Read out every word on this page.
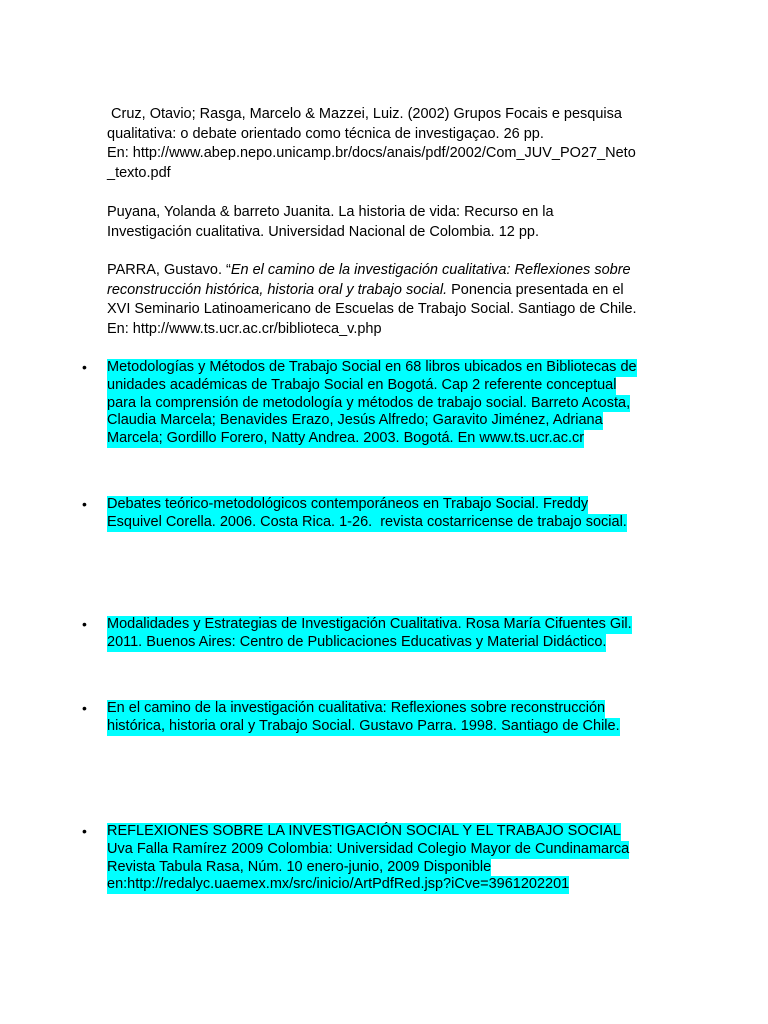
Cruz, Otavio; Rasga, Marcelo & Mazzei, Luiz. (2002) Grupos Focais e pesquisa
qualitativa: o debate orientado como técnica de investigaçao. 26 pp.
En: http://www.abep.nepo.unicamp.br/docs/anais/pdf/2002/Com_JUV_PO27_Neto
_texto.pdf

Puyana, Yolanda & barreto Juanita. La historia de vida: Recurso en la
Investigación cualitativa. Universidad Nacional de Colombia. 12 pp.

PARRA, Gustavo. “En el camino de la investigación cualitativa: Reflexiones sobre
reconstrucción histórica, historia oral y trabajo social. Ponencia presentada en el
XVI Seminario Latinoamericano de Escuelas de Trabajo Social. Santiago de Chile.
En: http://www.ts.ucr.ac.cr/biblioteca_v.php

• Metodologías y Métodos de Trabajo Social en 68 libros ubicados en Bibliotecas de
unidades académicas de Trabajo Social en Bogotá. Cap 2 referente conceptual
para la comprensión de metodología y métodos de trabajo social. Barreto Acosta,
Claudia Marcela; Benavides Erazo, Jesús Alfredo; Garavito Jiménez, Adriana
Marcela; Gordillo Forero, Natty Andrea. 2003. Bogotá. En www.ts.ucr.ac.cr
• Debates teórico-metodológicos contemporáneos en Trabajo Social. Freddy
Esquivel Corella. 2006. Costa Rica. 1-26.  revista costarricense de trabajo social.
• Modalidades y Estrategias de Investigación Cualitativa. Rosa María Cifuentes Gil.
2011. Buenos Aires: Centro de Publicaciones Educativas y Material Didáctico.
• En el camino de la investigación cualitativa: Reflexiones sobre reconstrucción
histórica, historia oral y Trabajo Social. Gustavo Parra. 1998. Santiago de Chile.
• REFLEXIONES SOBRE LA INVESTIGACIÓN SOCIAL Y EL TRABAJO SOCIAL
Uva Falla Ramírez 2009 Colombia: Universidad Colegio Mayor de Cundinamarca
Revista Tabula Rasa, Núm. 10 enero-junio, 2009 Disponible
en:http://redalyc.uaemex.mx/src/inicio/ArtPdfRed.jsp?iCve=3961202201
